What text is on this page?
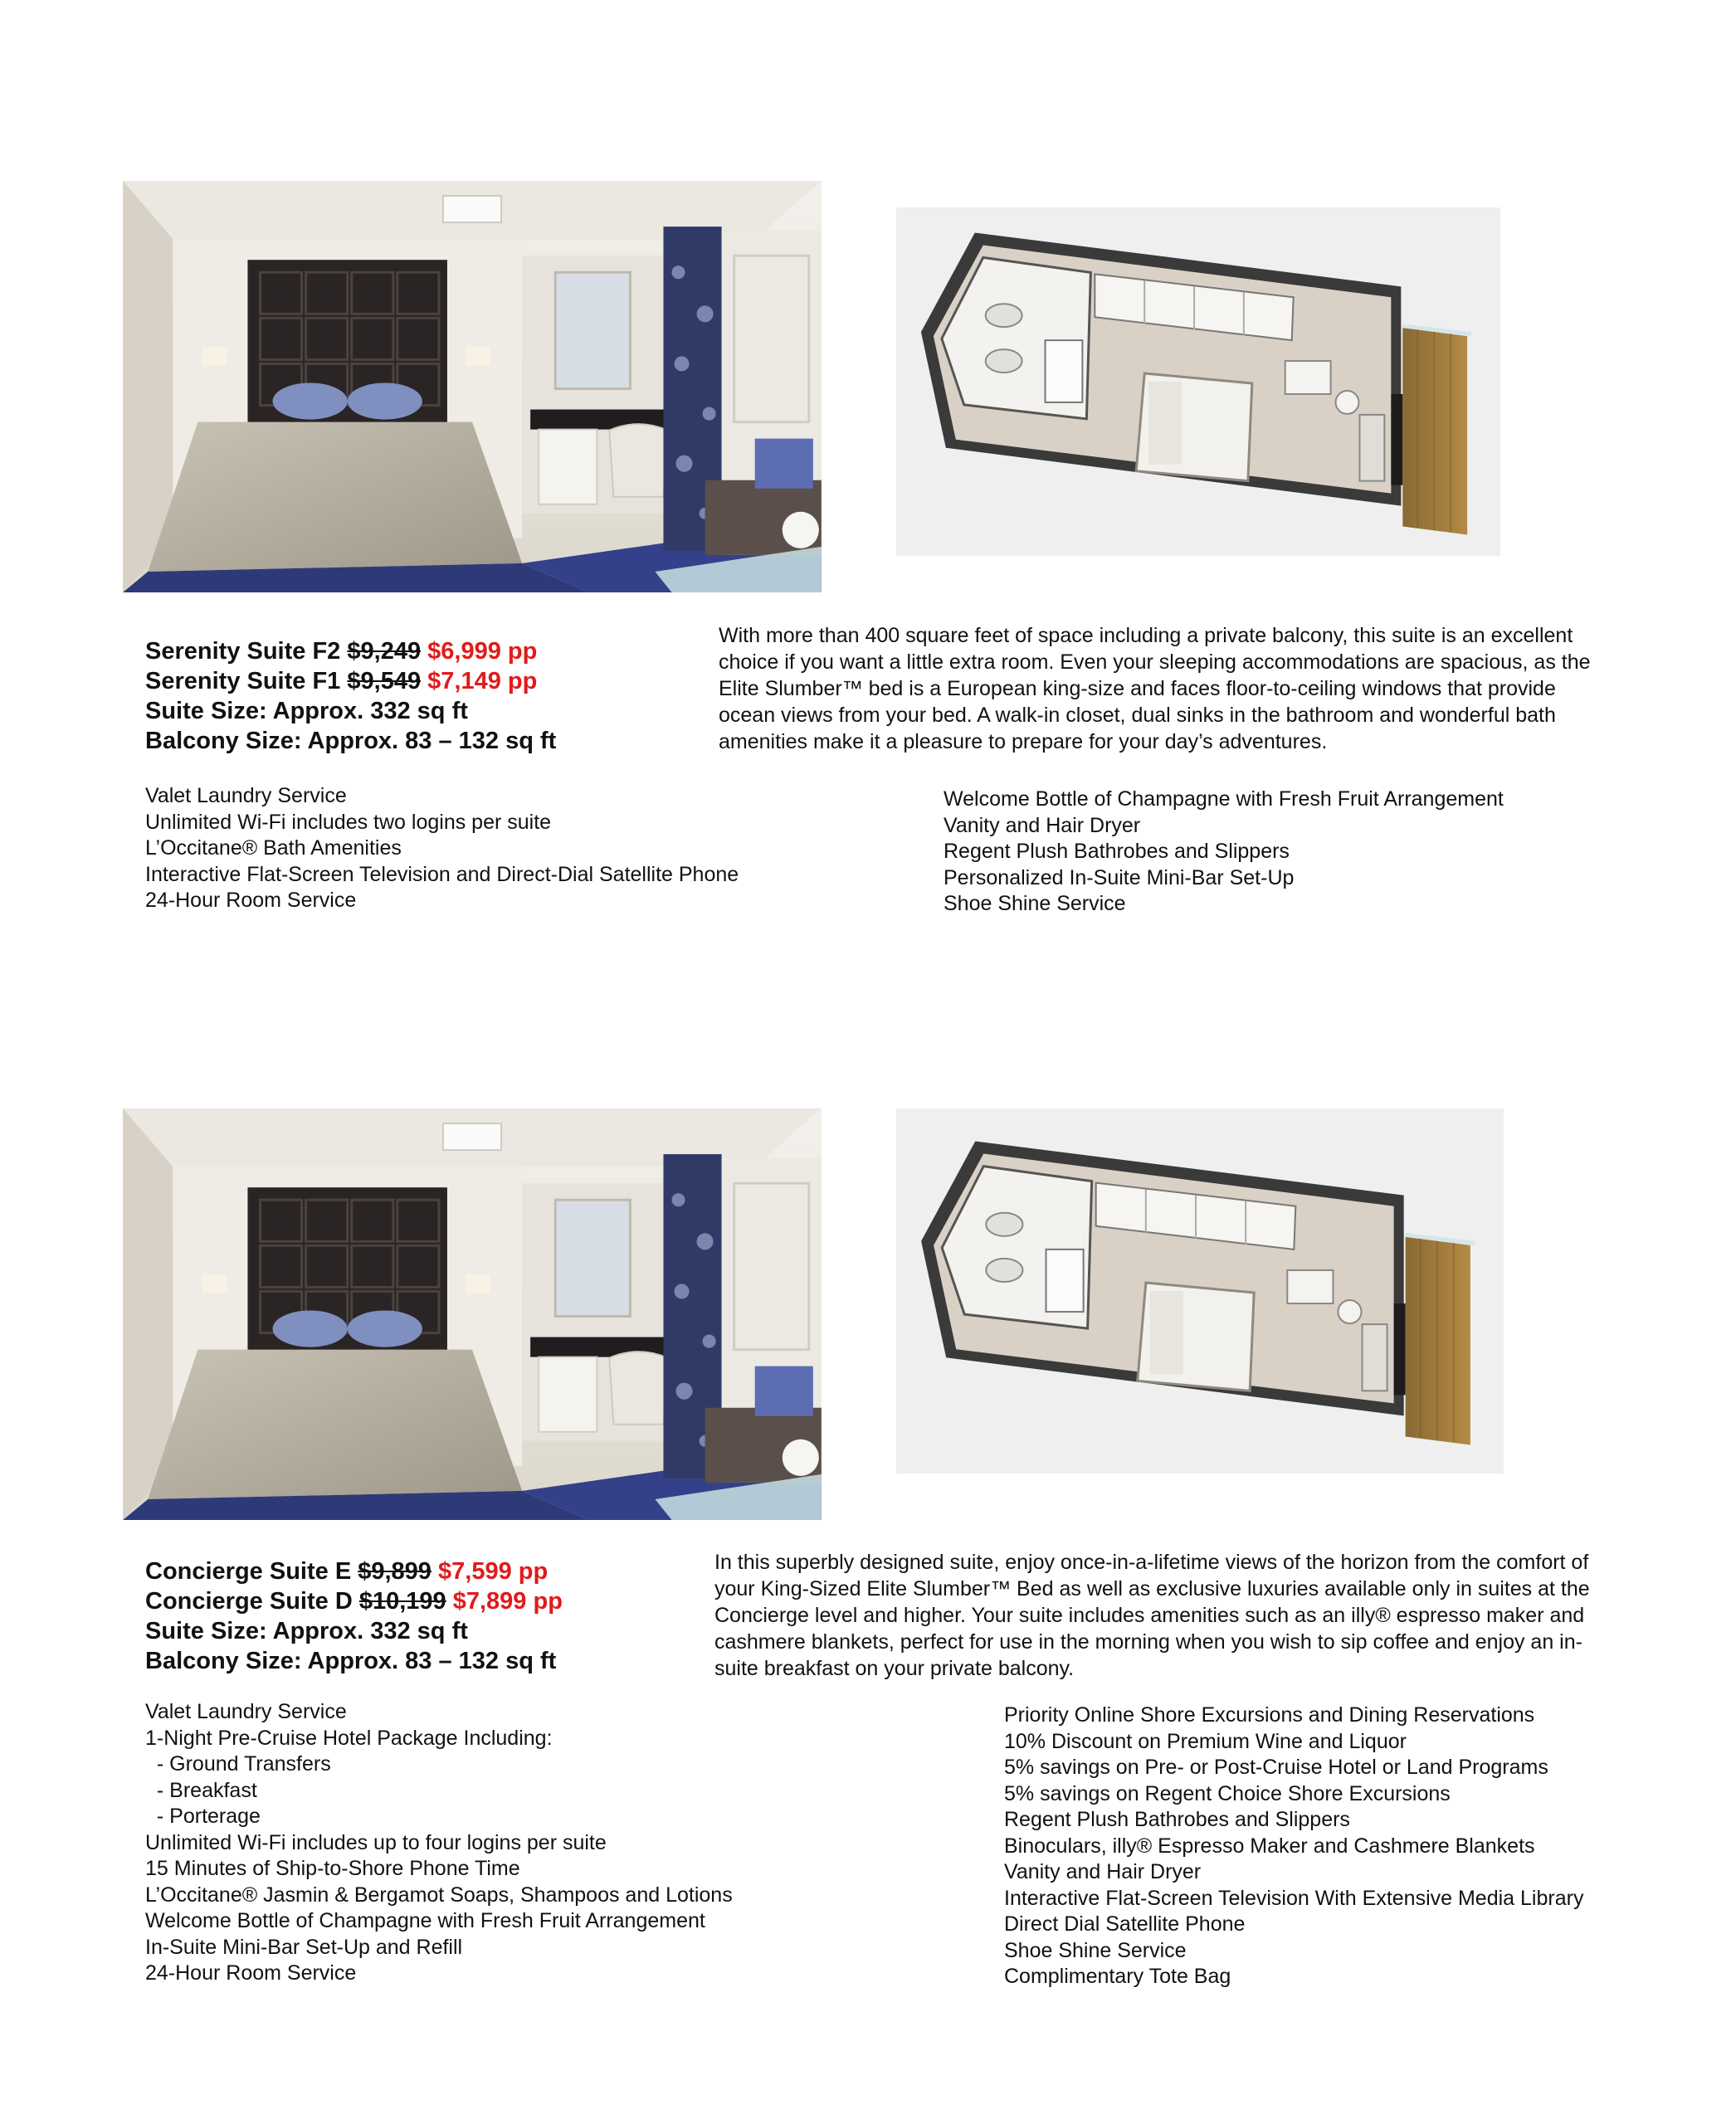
Serenity Suite F2 $9,249 $6,999 pp
Serenity Suite F1 $9,549 $7,149 pp
Suite Size: Approx. 332 sq ft
Balcony Size: Approx. 83 – 132 sq ft

With more than 400 square feet of space including a private balcony, this suite is an excellent choice if you want a little extra room. Even your sleeping accommodations are spacious, as the Elite Slumber™ bed is a European king-size and faces floor-to-ceiling windows that provide ocean views from your bed. A walk-in closet, dual sinks in the bathroom and wonderful bath amenities make it a pleasure to prepare for your day’s adventures.

Valet Laundry Service
Unlimited Wi-Fi includes two logins per suite
L’Occitane® Bath Amenities
Interactive Flat-Screen Television and Direct-Dial Satellite Phone
24-Hour Room Service
Welcome Bottle of Champagne with Fresh Fruit Arrangement
Vanity and Hair Dryer
Regent Plush Bathrobes and Slippers
Personalized In-Suite Mini-Bar Set-Up
Shoe Shine Service
Concierge Suite E $9,899 $7,599 pp
Concierge Suite D $10,199 $7,899 pp
Suite Size: Approx. 332 sq ft
Balcony Size: Approx. 83 – 132 sq ft

In this superbly designed suite, enjoy once-in-a-lifetime views of the horizon from the comfort of your King-Sized Elite Slumber™ Bed as well as exclusive luxuries available only in suites at the Concierge level and higher. Your suite includes amenities such as an illy® espresso maker and cashmere blankets, perfect for use in the morning when you wish to sip coffee and enjoy an in-suite breakfast on your private balcony.

Valet Laundry Service
1-Night Pre-Cruise Hotel Package Including:
- Ground Transfers
- Breakfast
- Porterage
Unlimited Wi-Fi includes up to four logins per suite
15 Minutes of Ship-to-Shore Phone Time
L’Occitane® Jasmin & Bergamot Soaps, Shampoos and Lotions
Welcome Bottle of Champagne with Fresh Fruit Arrangement
In-Suite Mini-Bar Set-Up and Refill
24-Hour Room Service
Priority Online Shore Excursions and Dining Reservations
10% Discount on Premium Wine and Liquor
5% savings on Pre- or Post-Cruise Hotel or Land Programs
5% savings on Regent Choice Shore Excursions
Regent Plush Bathrobes and Slippers
Binoculars, illy® Espresso Maker and Cashmere Blankets
Vanity and Hair Dryer
Interactive Flat-Screen Television With Extensive Media Library
Direct Dial Satellite Phone
Shoe Shine Service
Complimentary Tote Bag
